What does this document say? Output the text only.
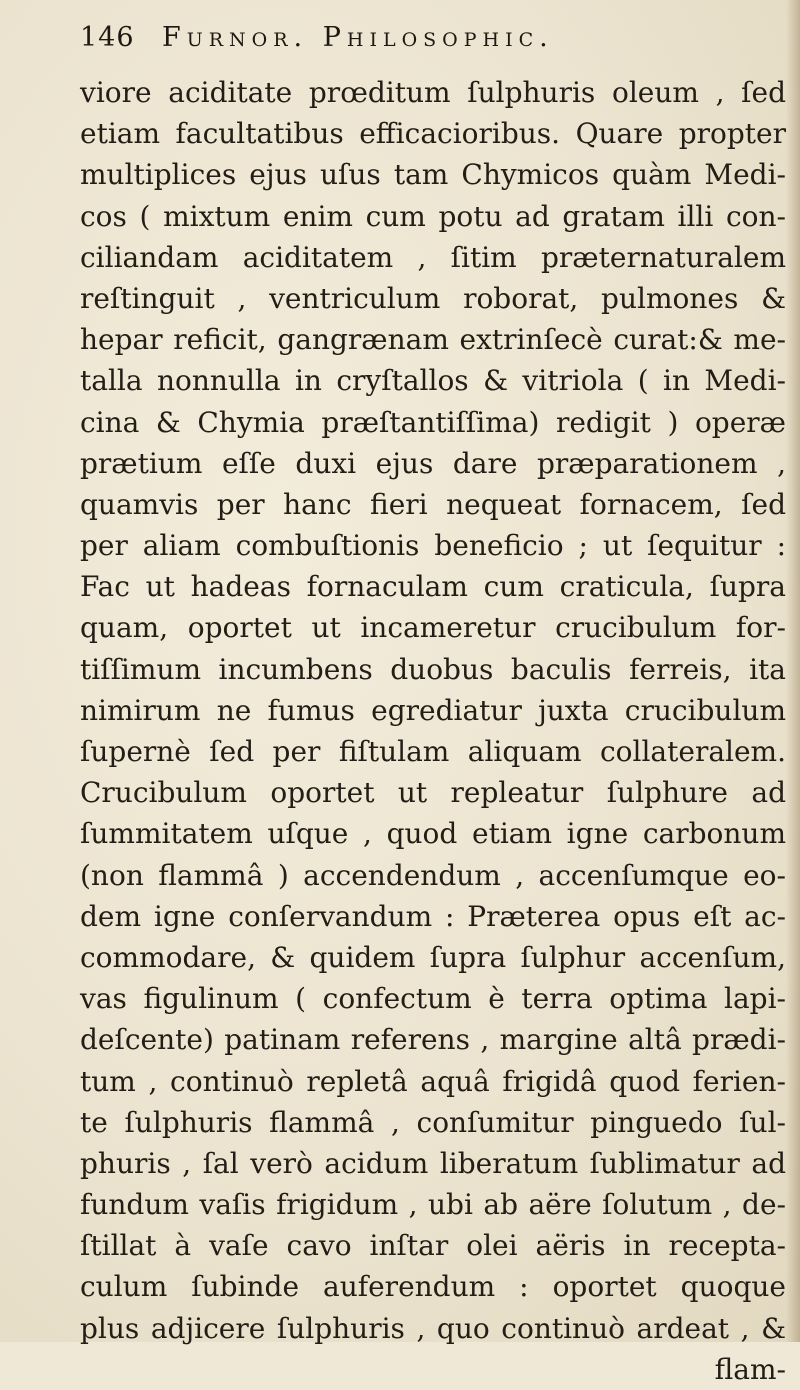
146 Furnor. Philosophic.
viore aciditate prœditum ſulphuris oleum , ſed
etiam facultatibus efficacioribus. Quare propter
multiplices ejus uſus tam Chymicos quàm Medi-
cos ( mixtum enim cum potu ad gratam illi con-
ciliandam aciditatem , ſitim præternaturalem
reſtinguit , ventriculum roborat, pulmones &
hepar reficit, gangrænam extrinſecè curat:& me-
talla nonnulla in cryſtallos & vitriola ( in Medi-
cina & Chymia præſtantiſſima) redigit ) operæ
prætium eſſe duxi ejus dare præparationem ,
quamvis per hanc fieri nequeat fornacem, ſed
per aliam combuſtionis beneficio ; ut ſequitur :
Fac ut hadeas fornaculam cum craticula, ſupra
quam, oportet ut incameretur crucibulum for-
tiſſimum incumbens duobus baculis ferreis, ita
nimirum ne fumus egrediatur juxta crucibulum
ſupernè ſed per fiſtulam aliquam collateralem.
Crucibulum oportet ut repleatur ſulphure ad
ſummitatem uſque , quod etiam igne carbonum
(non flammâ ) accendendum , accenſumque eo-
dem igne conſervandum : Præterea opus eſt ac-
commodare, & quidem ſupra ſulphur accenſum,
vas figulinum ( confectum è terra optima lapi-
deſcente) patinam referens , margine altâ prædi-
tum , continuò repletâ aquâ frigidâ quod ferien-
te ſulphuris flammâ , conſumitur pinguedo ſul-
phuris , ſal verò acidum liberatum ſublimatur ad
fundum vaſis frigidum , ubi ab aëre ſolutum , de-
ſtillat à vaſe cavo inſtar olei aëris in recepta-
culum ſubinde auferendum : oportet quoque
plus adjicere ſulphuris , quo continuò ardeat , &
flam-
